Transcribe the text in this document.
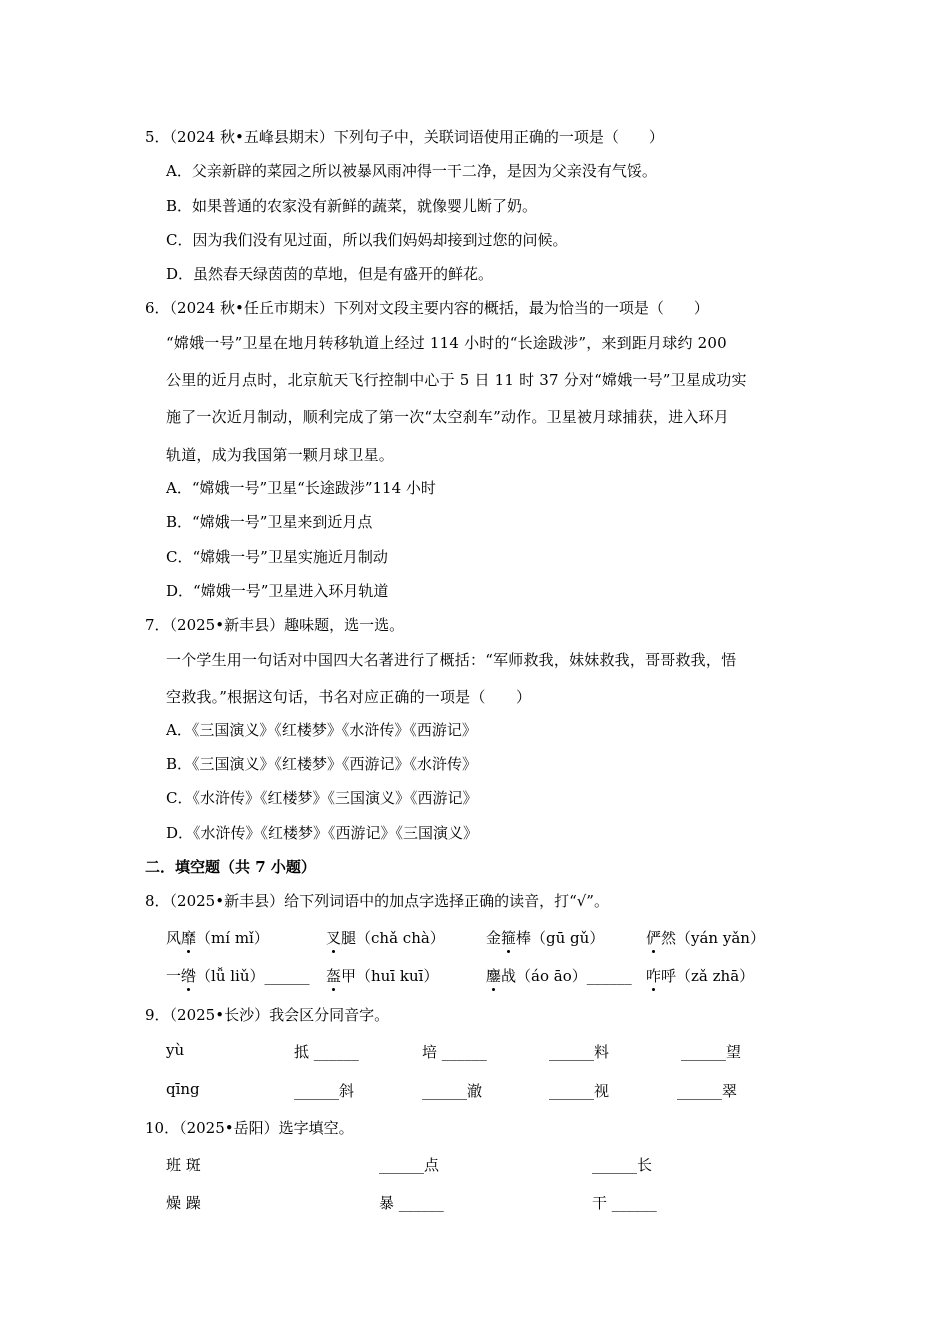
5．（2024 秋•五峰县期末）下列句子中，关联词语使用正确的一项是（　　）
A．父亲新辟的菜园之所以被暴风雨冲得一干二净，是因为父亲没有气馁。
B．如果普通的农家没有新鲜的蔬菜，就像婴儿断了奶。
C．因为我们没有见过面，所以我们妈妈却接到过您的问候。
D．虽然春天绿茵茵的草地，但是有盛开的鲜花。
6．（2024 秋•任丘市期末）下列对文段主要内容的概括，最为恰当的一项是（　　）
“嫦娥一号”卫星在地月转移轨道上经过 114 小时的“长途跋涉”，来到距月球约 200
公里的近月点时，北京航天飞行控制中心于 5 日 11 时 37 分对“嫦娥一号”卫星成功实
施了一次近月制动，顺利完成了第一次“太空刹车”动作。卫星被月球捕获，进入环月
轨道，成为我国第一颗月球卫星。
A．“嫦娥一号”卫星“长途跋涉”114 小时
B．“嫦娥一号”卫星来到近月点
C．“嫦娥一号”卫星实施近月制动
D．“嫦娥一号”卫星进入环月轨道
7．（2025•新丰县）趣味题，选一选。
一个学生用一句话对中国四大名著进行了概括：“军师救我，妹妹救我，哥哥救我，悟
空救我。”根据这句话，书名对应正确的一项是（　　）
A．《三国演义》《红楼梦》《水浒传》《西游记》
B．《三国演义》《红楼梦》《西游记》《水浒传》
C．《水浒传》《红楼梦》《三国演义》《西游记》
D．《水浒传》《红楼梦》《西游记》《三国演义》
二．填空题（共 7 小题）
8．（2025•新丰县）给下列词语中的加点字选择正确的读音，打“√”。
风靡（mí mǐ）	叉腿（chǎ chà）	金箍棒（gū gǔ）	俨然（yán yǎn）
一绺（lǚ liǔ）______ 盔甲（huī kuī）	鏖战（áo āo）______ 咋呼（zǎ zhā）
9．（2025•长沙）我会区分同音字。
yù	抵 ______	培 ______	______料	______望
qīng	______斜	______澈	______视	______翠
10．（2025•岳阳）选字填空。
班 斑	______点	______长
燥 躁	暴 ______	干 ______
